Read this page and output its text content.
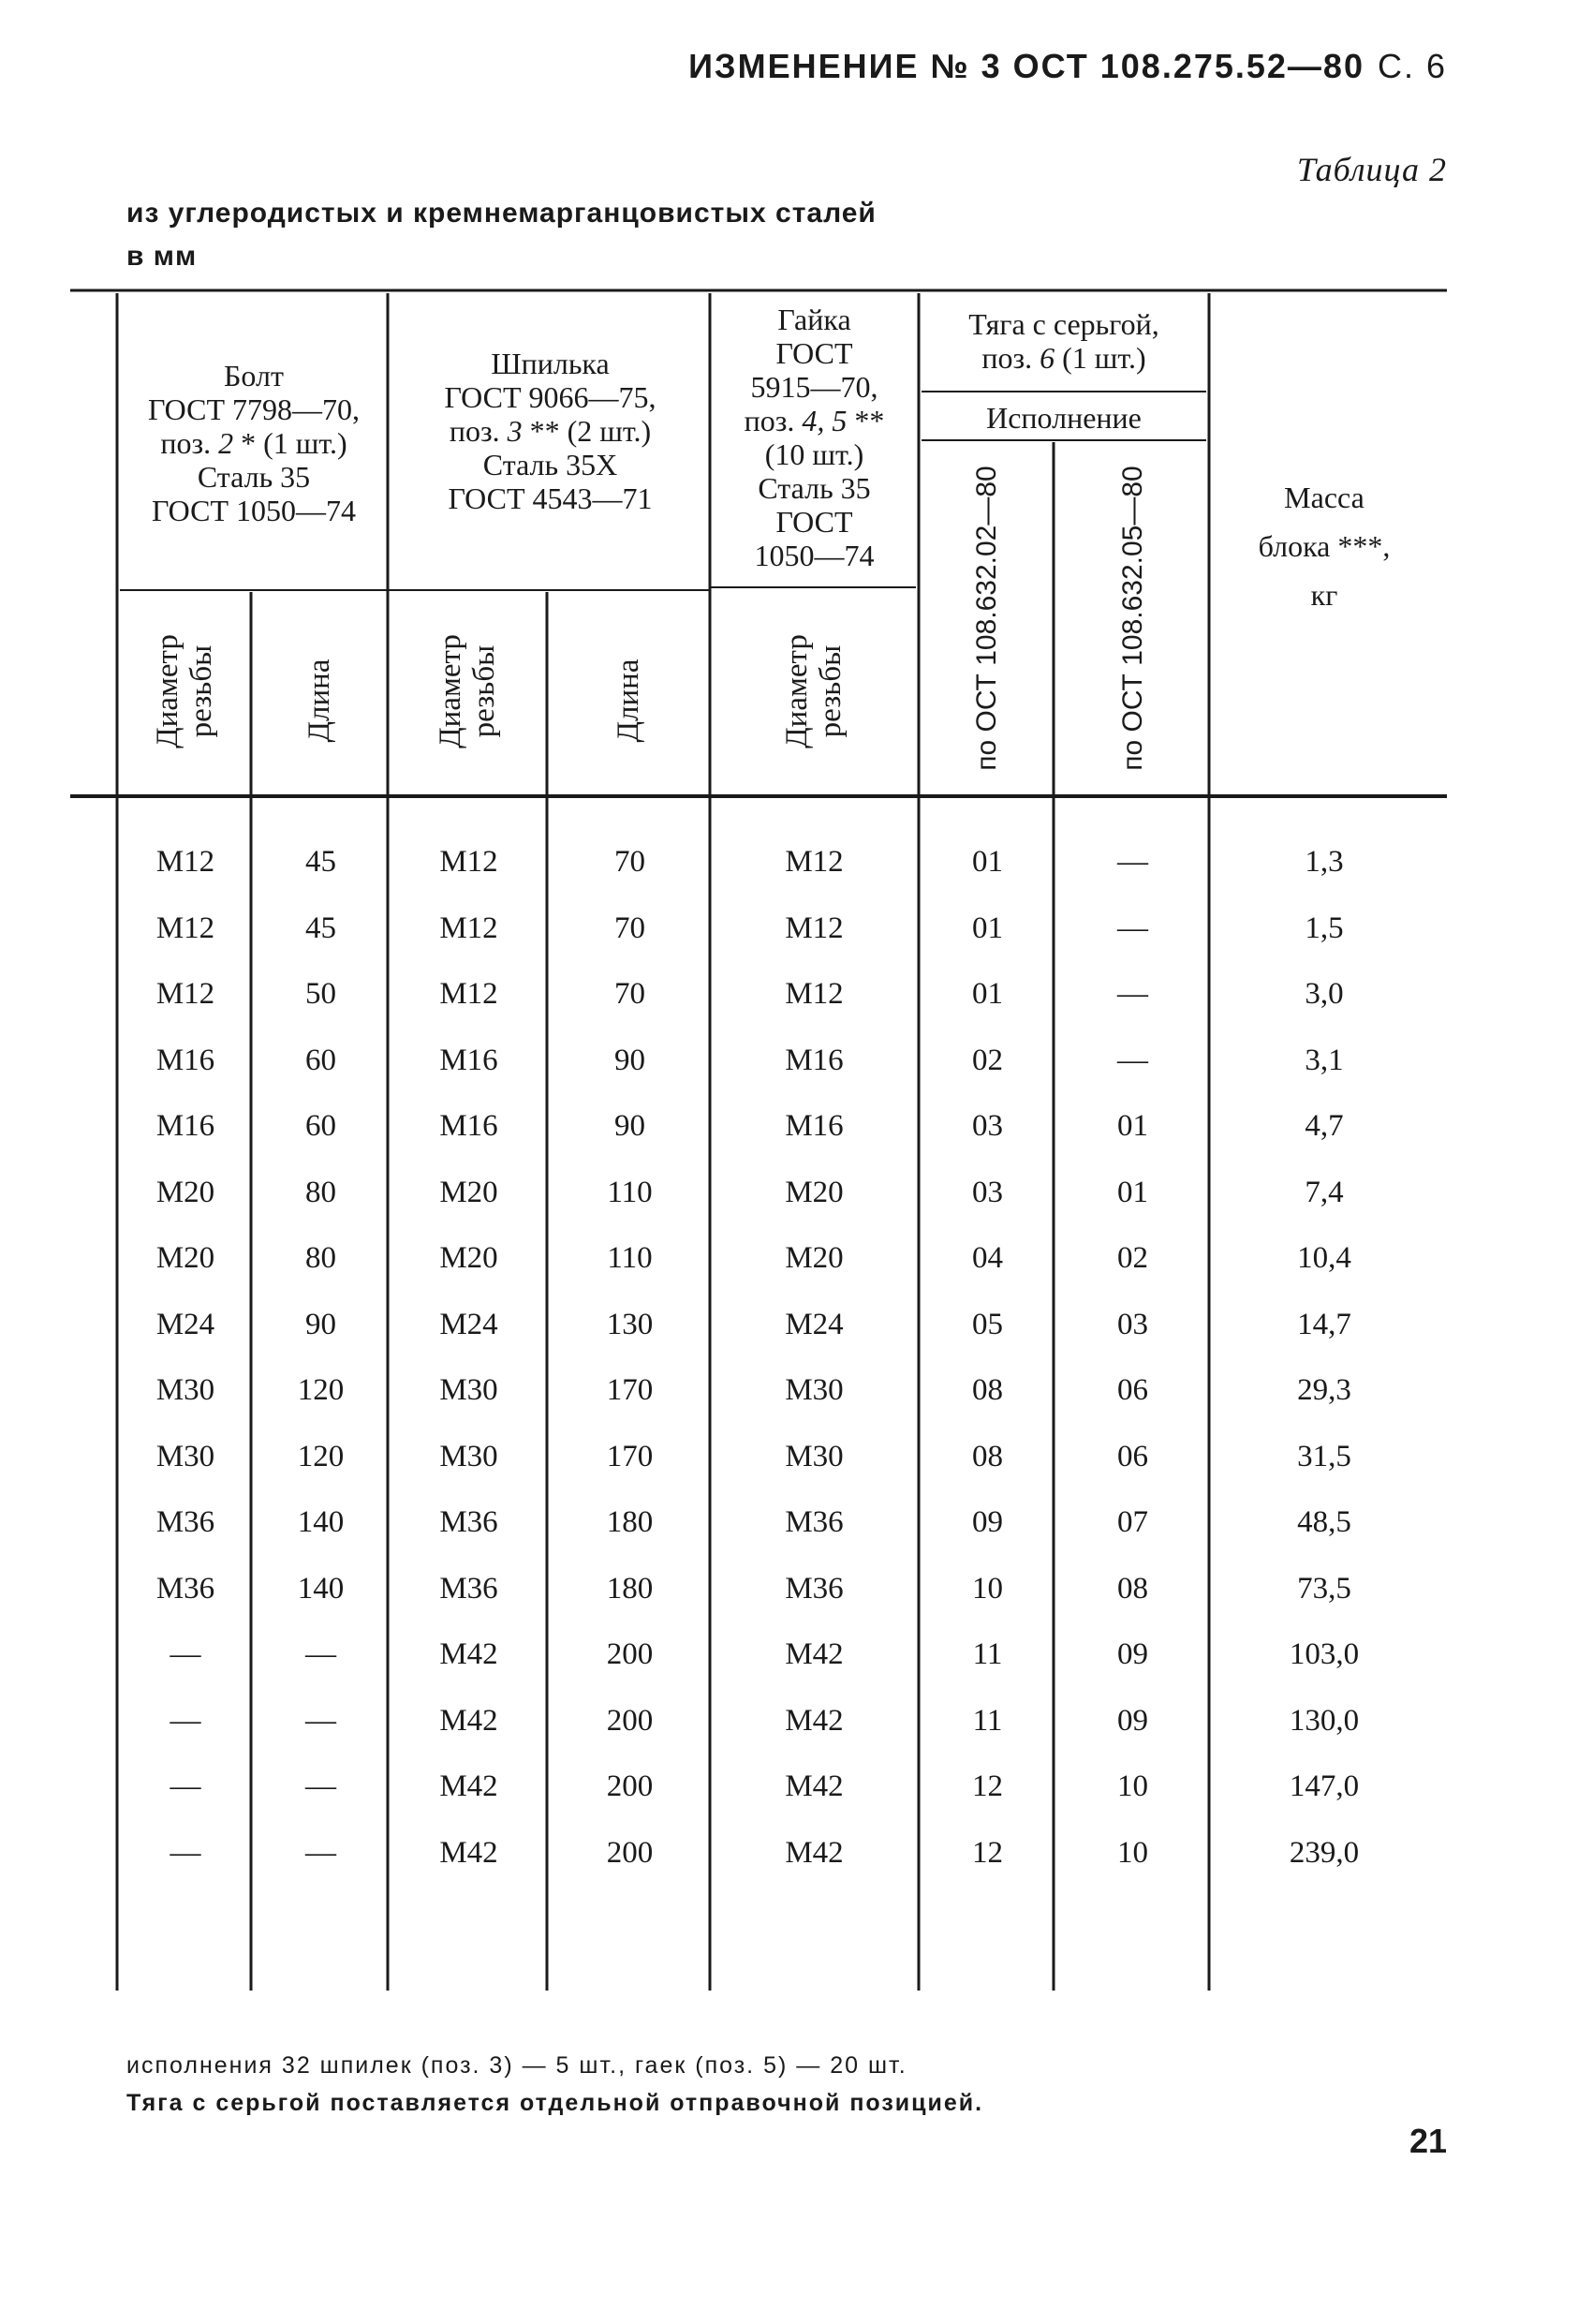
ИЗМЕНЕНИЕ № 3 ОСТ 108.275.52—80 С. 6
Таблица 2
из углеродистых и кремнемарганцовистых сталей
в мм
Болт
ГОСТ 7798—70,
поз. 2 * (1 шт.)
Сталь 35
ГОСТ 1050—74
Шпилька
ГОСТ 9066—75,
поз. 3 ** (2 шт.)
Сталь 35Х
ГОСТ 4543—71
Гайка
ГОСТ
5915—70,
поз. 4, 5 **
(10 шт.)
Сталь 35
ГОСТ
1050—74
Тяга с серьгой,
поз. 6 (1 шт.)
Исполнение
Масса
блока ***,
кг
Диаметр резьбы	Длина	Диаметр резьбы	Длина	Диаметр резьбы	по ОСТ 108.632.02—80	по ОСТ 108.632.05—80
М12	45	М12	70	М12	01	—	1,3
М12	45	М12	70	М12	01	—	1,5
М12	50	М12	70	М12	01	—	3,0
М16	60	М16	90	М16	02	—	3,1
М16	60	М16	90	М16	03	01	4,7
М20	80	М20	110	М20	03	01	7,4
М20	80	М20	110	М20	04	02	10,4
М24	90	М24	130	М24	05	03	14,7
М30	120	М30	170	М30	08	06	29,3
М30	120	М30	170	М30	08	06	31,5
М36	140	М36	180	М36	09	07	48,5
М36	140	М36	180	М36	10	08	73,5
—	—	М42	200	М42	11	09	103,0
—	—	М42	200	М42	11	09	130,0
—	—	М42	200	М42	12	10	147,0
—	—	М42	200	М42	12	10	239,0
исполнения 32 шпилек (поз. 3) — 5 шт., гаек (поз. 5) — 20 шт.
Тяга с серьгой поставляется отдельной отправочной позицией.
21
